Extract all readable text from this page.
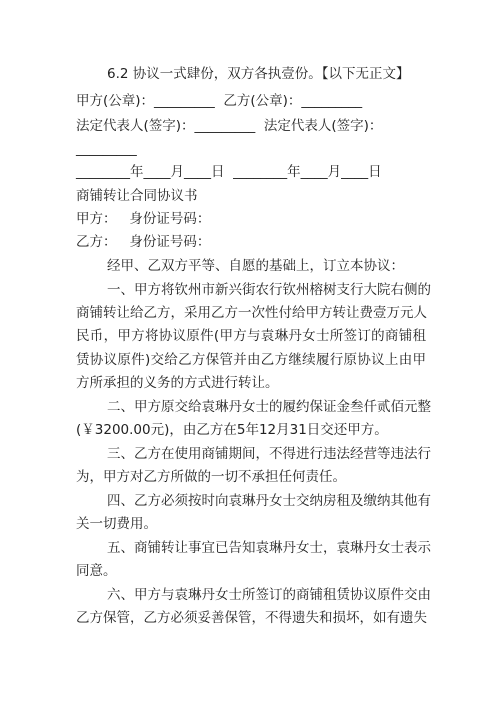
6.2 协议一式肆份，双方各执壹份。【以下无正文】
甲方(公章)：_________  乙方(公章)：_________
法定代表人(签字)：_________  法定代表人(签字)：
_________
________年____月____日  ________年____月____日
商铺转让合同协议书
甲方：   身份证号码：
乙方：   身份证号码：
经甲、乙双方平等、自愿的基础上，订立本协议：
一、甲方将钦州市新兴街农行钦州榕树支行大院右侧的
商铺转让给乙方，采用乙方一次性付给甲方转让费壹万元人
民币，甲方将协议原件(甲方与袁琳丹女士所签订的商铺租
赁协议原件)交给乙方保管并由乙方继续履行原协议上由甲
方所承担的义务的方式进行转让。
二、甲方原交给袁琳丹女士的履约保证金叁仟贰佰元整
(￥3200.00元)，由乙方在5年12月31日交还甲方。
三、乙方在使用商铺期间，不得进行违法经营等违法行
为，甲方对乙方所做的一切不承担任何责任。
四、乙方必须按时向袁琳丹女士交纳房租及缴纳其他有
关一切费用。
五、商铺转让事宜已告知袁琳丹女士，袁琳丹女士表示
同意。
六、甲方与袁琳丹女士所签订的商铺租赁协议原件交由
乙方保管，乙方必须妥善保管，不得遗失和损坏，如有遗失
